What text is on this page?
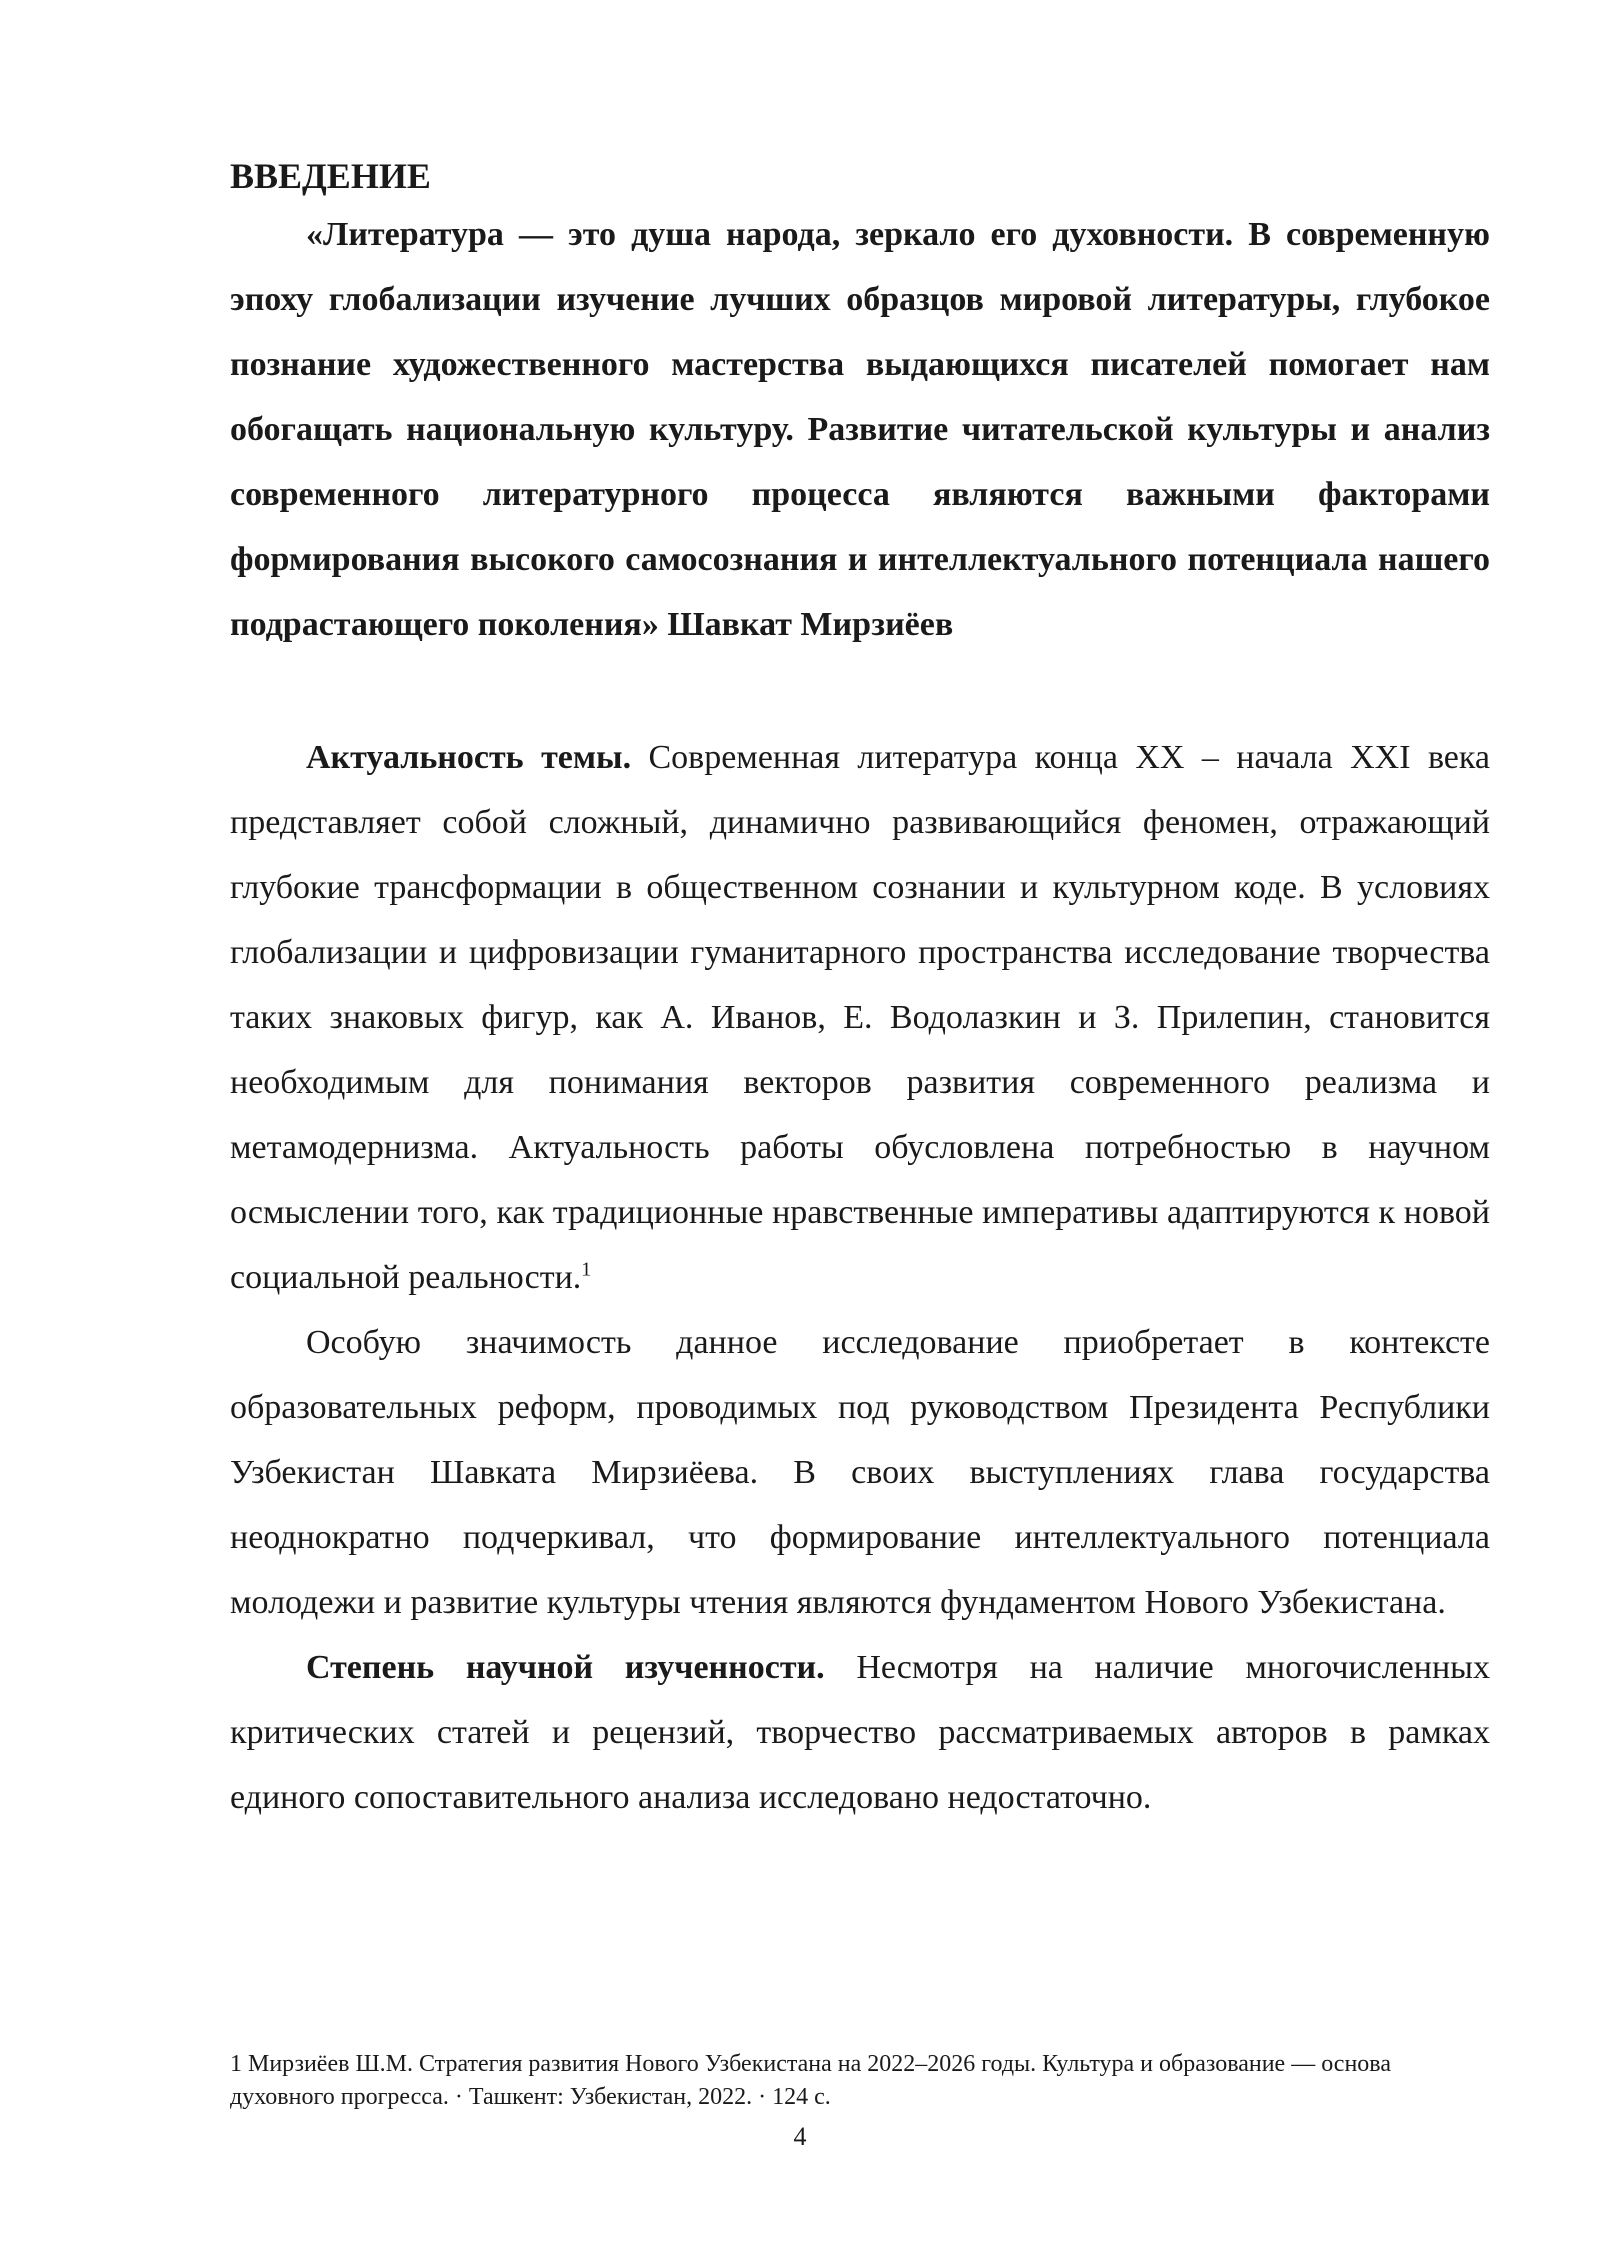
ВВЕДЕНИЕ

«Литература — это душа народа, зеркало его духовности. В современную эпоху глобализации изучение лучших образцов мировой литературы, глубокое познание художественного мастерства выдающихся писателей помогает нам обогащать национальную культуру. Развитие читательской культуры и анализ современного литературного процесса являются важными факторами формирования высокого самосознания и интеллектуального потенциала нашего подрастающего поколения» Шавкат Мирзиёев

Актуальность темы. Современная литература конца XX – начала XXI века представляет собой сложный, динамично развивающийся феномен, отражающий глубокие трансформации в общественном сознании и культурном коде. В условиях глобализации и цифровизации гуманитарного пространства исследование творчества таких знаковых фигур, как А. Иванов, Е. Водолазкин и З. Прилепин, становится необходимым для понимания векторов развития современного реализма и метамодернизма. Актуальность работы обусловлена потребностью в научном осмыслении того, как традиционные нравственные императивы адаптируются к новой социальной реальности.$^1$

Особую значимость данное исследование приобретает в контексте образовательных реформ, проводимых под руководством Президента Республики Узбекистан Шавката Мирзиёева. В своих выступлениях глава государства неоднократно подчеркивал, что формирование интеллектуального потенциала молодежи и развитие культуры чтения являются фундаментом Нового Узбекистана.

Степень научной изученности. Несмотря на наличие многочисленных критических статей и рецензий, творчество рассматриваемых авторов в рамках единого сопоставительного анализа исследовано недостаточно.

1 Мирзиёев Ш.М. Стратегия развития Нового Узбекистана на 2022–2026 годы. Культура и образование — основа духовного прогресса. · Ташкент: Узбекистан, 2022. · 124 с.

4
